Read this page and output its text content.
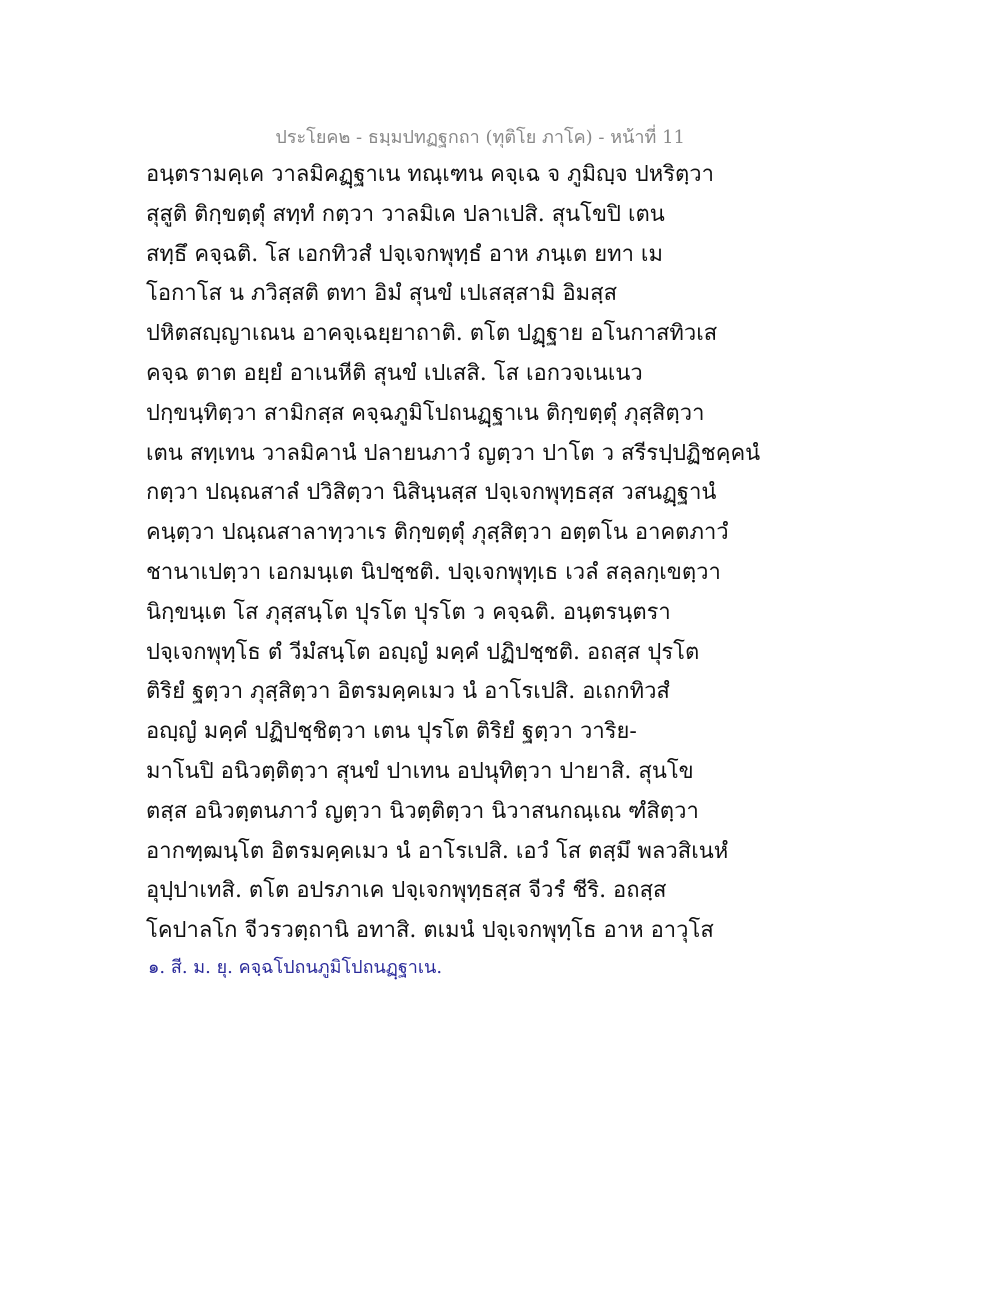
ประโยค๒ - ธมฺมปทฏฐกถา (ทุติโย ภาโค) - หน้าที่ 11
อนฺตรามคฺเค วาลมิคฏฺฐาเน ทณฺเฑน คจฺเฉ จ ภูมิญฺจ ปหริตฺวา
สุสูติ ติกฺขตฺตุํ สทฺทํ กตฺวา วาลมิเค ปลาเปสิ. สุนโขปิ เตน
สทฺธึ คจฺฉติ. โส เอกทิวสํ ปจฺเจกพุทฺธํ อาห ภนฺเต ยทา เม
โอกาโส น ภวิสฺสติ ตทา อิมํ สุนขํ เปเสสฺสามิ อิมสฺส
ปหิตสญฺญาเณน อาคจฺเฉยฺยาถาติ. ตโต ปฏฺฐาย อโนกาสทิวเส
คจฺฉ ตาต อยฺยํ อาเนหีติ สุนขํ เปเสสิ. โส เอกวจเนเนว
ปกฺขนฺทิตฺวา สามิกสฺส คจฺฉภูมิโปถนฏฺฐาเน ติกฺขตฺตุํ ภุสฺสิตฺวา
เตน สทฺเทน วาลมิคานํ ปลายนภาวํ ญตฺวา ปาโต ว สรีรปฺปฏิชคฺคนํ
กตฺวา ปณฺณสาลํ ปวิสิตฺวา นิสินฺนสฺส ปจฺเจกพุทฺธสฺส วสนฏฺฐานํ
คนฺตฺวา ปณฺณสาลาทฺวาเร ติกฺขตฺตุํ ภุสฺสิตฺวา อตฺตโน อาคตภาวํ
ชานาเปตฺวา เอกมนฺเต นิปชฺชติ. ปจฺเจกพุทฺเธ เวลํ สลฺลกฺเขตฺวา
นิกฺขนฺเต โส ภุสฺสนฺโต ปุรโต ปุรโต ว คจฺฉติ. อนฺตรนฺตรา
ปจฺเจกพุทฺโธ ตํ วีมํสนฺโต อญฺญํ มคฺคํ ปฏิปชฺชติ. อถสฺส ปุรโต
ติริยํ ฐตฺวา ภุสฺสิตฺวา อิตรมคฺคเมว นํ อาโรเปสิ. อเถกทิวสํ
อญฺญํ มคฺคํ ปฏิปชฺชิตฺวา เตน ปุรโต ติริยํ ฐตฺวา วาริย-
มาโนปิ อนิวตฺติตฺวา สุนขํ ปาเทน อปนุทิตฺวา ปายาสิ. สุนโข
ตสฺส อนิวตฺตนภาวํ ญตฺวา นิวตฺติตฺวา นิวาสนกณฺเณ ฑํสิตฺวา
อากฑฺฒนฺโต อิตรมคฺคเมว นํ อาโรเปสิ. เอวํ โส ตสฺมึ พลวสิเนหํ
อุปฺปาเทสิ. ตโต อปรภาเค ปจฺเจกพุทฺธสฺส จีวรํ ชีริ. อถสฺส
โคปาลโก จีวรวตฺถานิ อทาสิ. ตเมนํ ปจฺเจกพุทฺโธ อาห อาวุโส
๑. สี. ม. ยุ. คจฺฉโปถนภูมิโปถนฏฺฐาเน.
